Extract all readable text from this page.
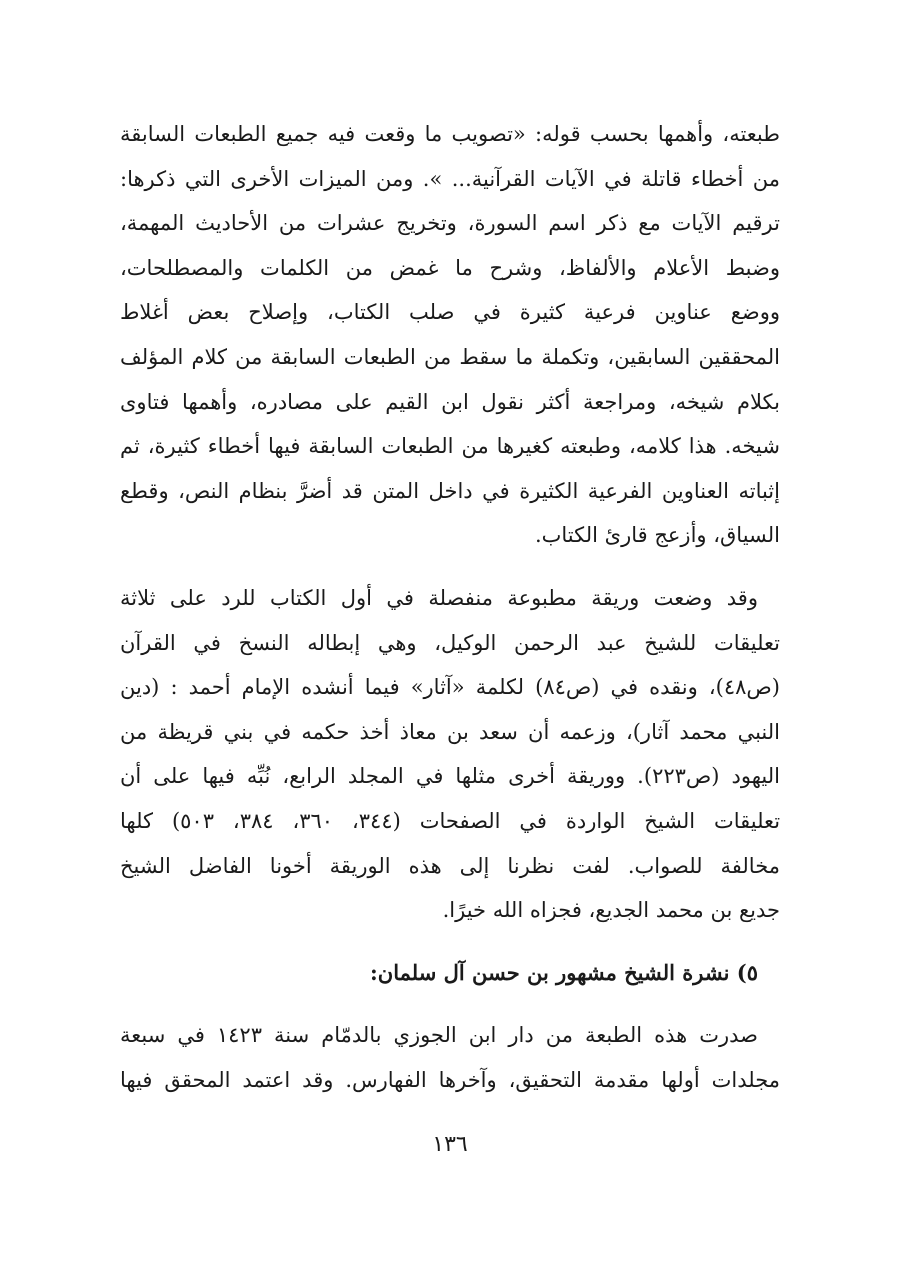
طبعته، وأهمها بحسب قوله: «تصويب ما وقعت فيه جميع الطبعات السابقة
من أخطاء قاتلة في الآيات القرآنية... ». ومن الميزات الأخرى التي ذكرها:
ترقيم الآيات مع ذكر اسم السورة، وتخريج عشرات من الأحاديث المهمة،
وضبط الأعلام والألفاظ، وشرح ما غمض من الكلمات والمصطلحات،
ووضع عناوين فرعية كثيرة في صلب الكتاب، وإصلاح بعض أغلاط
المحققين السابقين، وتكملة ما سقط من الطبعات السابقة من كلام المؤلف
بكلام شيخه، ومراجعة أكثر نقول ابن القيم على مصادره، وأهمها فتاوى
شيخه. هذا كلامه، وطبعته كغيرها من الطبعات السابقة فيها أخطاء كثيرة، ثم
إثباته العناوين الفرعية الكثيرة في داخل المتن قد أضرَّ بنظام النص، وقطع
السياق، وأزعج قارئ الكتاب.

وقد وضعت وريقة مطبوعة منفصلة في أول الكتاب للرد على ثلاثة
تعليقات للشيخ عبد الرحمن الوكيل، وهي إبطاله النسخ في القرآن
(ص٤٨)، ونقده في (ص٨٤) لكلمة «آثار» فيما أنشده الإمام أحمد : (دين
النبي محمد آثار)، وزعمه أن سعد بن معاذ أخذ حكمه في بني قريظة من
اليهود (ص٢٢٣). ووريقة أخرى مثلها في المجلد الرابع، نُبِّه فيها على أن
تعليقات الشيخ الواردة في الصفحات (٣٤٤، ٣٦٠، ٣٨٤، ٥٠٣) كلها
مخالفة للصواب. لفت نظرنا إلى هذه الوريقة أخونا الفاضل الشيخ
جديع بن محمد الجديع، فجزاه الله خيرًا.

٥) نشرة الشيخ مشهور بن حسن آل سلمان:

صدرت هذه الطبعة من دار ابن الجوزي بالدمّام سنة ١٤٢٣ في سبعة
مجلدات أولها مقدمة التحقيق، وآخرها الفهارس. وقد اعتمد المحقق فيها

١٣٦
